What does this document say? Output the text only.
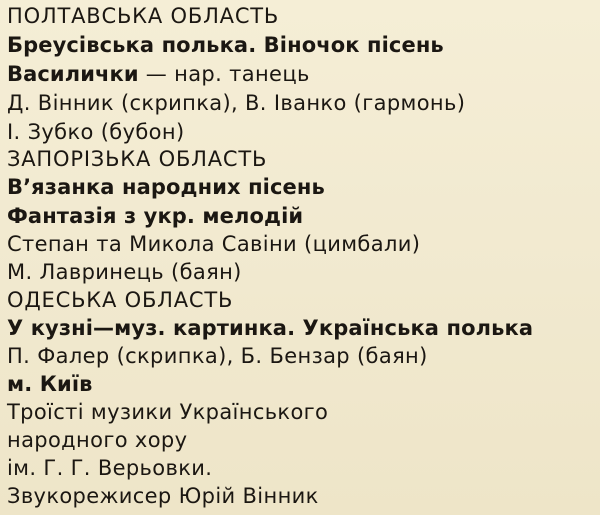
ПОЛТАВСЬКА ОБЛАСТЬ
Бреусівська полька. Віночок пісень
Василички — нар. танець
Д. Вінник (скрипка), В. Іванко (гармонь)
І. Зубко (бубон)
ЗАПОРІЗЬКА ОБЛАСТЬ
В’язанка народних пісень
Фантазія з укр. мелодій
Степан та Микола Савіни (цимбали)
М. Лавринець (баян)
ОДЕСЬКА ОБЛАСТЬ
У кузні—муз. картинка. Українська полька
П. Фалер (скрипка), Б. Бензар (баян)
м. Київ
Троїсті музики Українського
народного хору
ім. Г. Г. Верьовки.
Звукорежисер Юрій Вінник
